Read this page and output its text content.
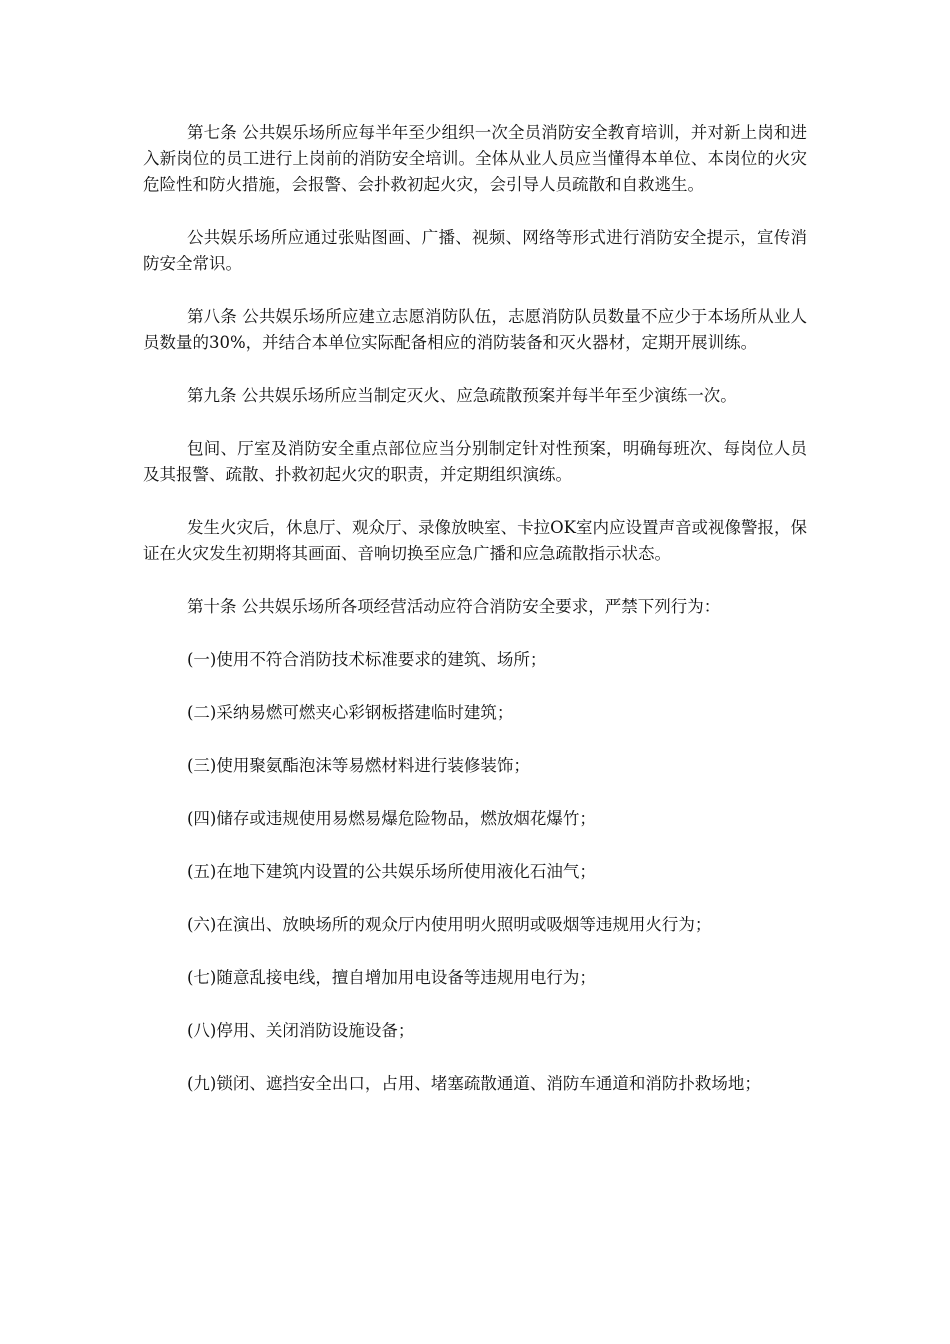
第七条 公共娱乐场所应每半年至少组织一次全员消防安全教育培训，并对新上岗和进入新岗位的员工进行上岗前的消防安全培训。全体从业人员应当懂得本单位、本岗位的火灾危险性和防火措施，会报警、会扑救初起火灾，会引导人员疏散和自救逃生。

公共娱乐场所应通过张贴图画、广播、视频、网络等形式进行消防安全提示，宣传消防安全常识。

第八条 公共娱乐场所应建立志愿消防队伍，志愿消防队员数量不应少于本场所从业人员数量的30%，并结合本单位实际配备相应的消防装备和灭火器材，定期开展训练。

第九条 公共娱乐场所应当制定灭火、应急疏散预案并每半年至少演练一次。

包间、厅室及消防安全重点部位应当分别制定针对性预案，明确每班次、每岗位人员及其报警、疏散、扑救初起火灾的职责，并定期组织演练。

发生火灾后，休息厅、观众厅、录像放映室、卡拉OK室内应设置声音或视像警报，保证在火灾发生初期将其画面、音响切换至应急广播和应急疏散指示状态。

第十条 公共娱乐场所各项经营活动应符合消防安全要求，严禁下列行为：

(一)使用不符合消防技术标准要求的建筑、场所；

(二)采纳易燃可燃夹心彩钢板搭建临时建筑；

(三)使用聚氨酯泡沫等易燃材料进行装修装饰；

(四)储存或违规使用易燃易爆危险物品，燃放烟花爆竹；

(五)在地下建筑内设置的公共娱乐场所使用液化石油气；

(六)在演出、放映场所的观众厅内使用明火照明或吸烟等违规用火行为；

(七)随意乱接电线，擅自增加用电设备等违规用电行为；

(八)停用、关闭消防设施设备；

(九)锁闭、遮挡安全出口，占用、堵塞疏散通道、消防车通道和消防扑救场地；
